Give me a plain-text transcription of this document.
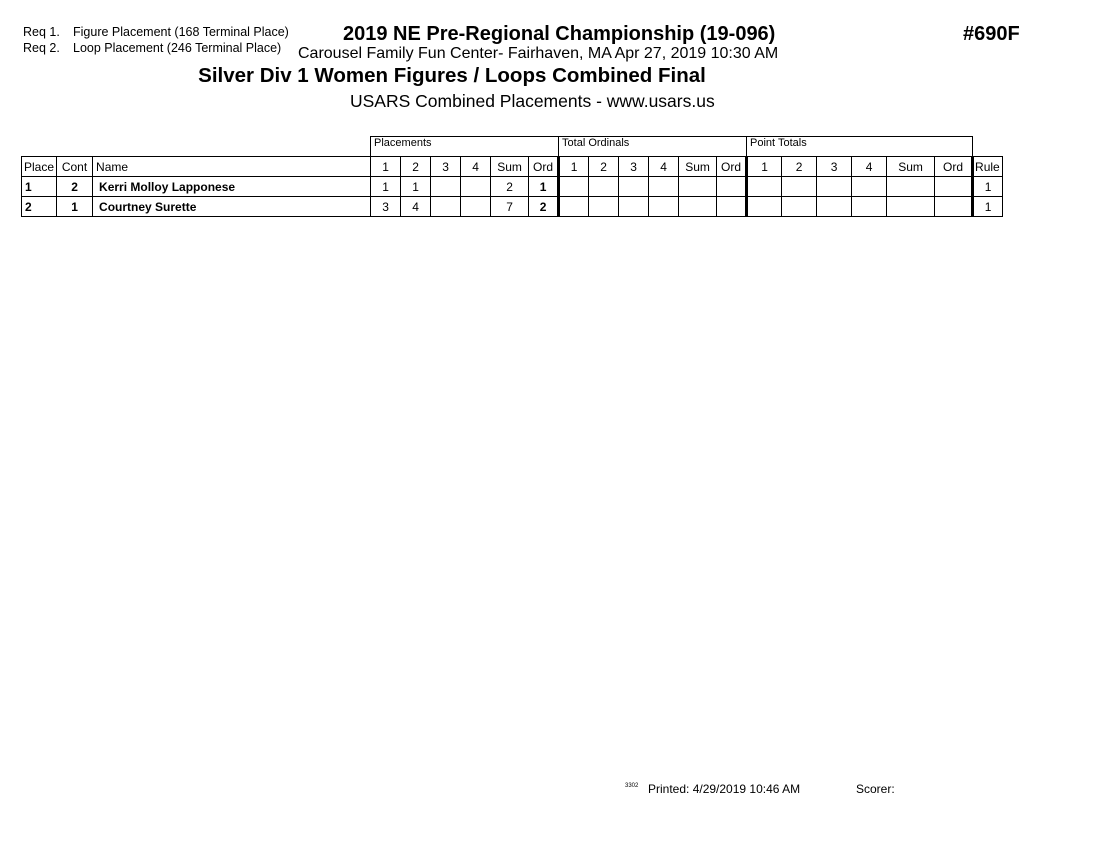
Req 1. Figure Placement (168 Terminal Place)
Req 2. Loop Placement (246 Terminal Place)
2019 NE Pre-Regional Championship (19-096)
Carousel Family Fun Center- Fairhaven, MA Apr 27, 2019 10:30 AM
Silver Div 1 Women Figures / Loops Combined Final
USARS Combined Placements - www.usars.us
#690F
			Placements						Total Ordinals						Point Totals						
Place	Cont	Name	1	2	3	4	Sum	Ord	1	2	3	4	Sum	Ord	1	2	3	4	Sum	Ord	Rule
1	2	Kerri Molloy Lapponese	1	1			2	1													1
2	1	Courtney Surette	3	4			7	2													1
3302 Printed: 4/29/2019 10:46 AM	Scorer:
